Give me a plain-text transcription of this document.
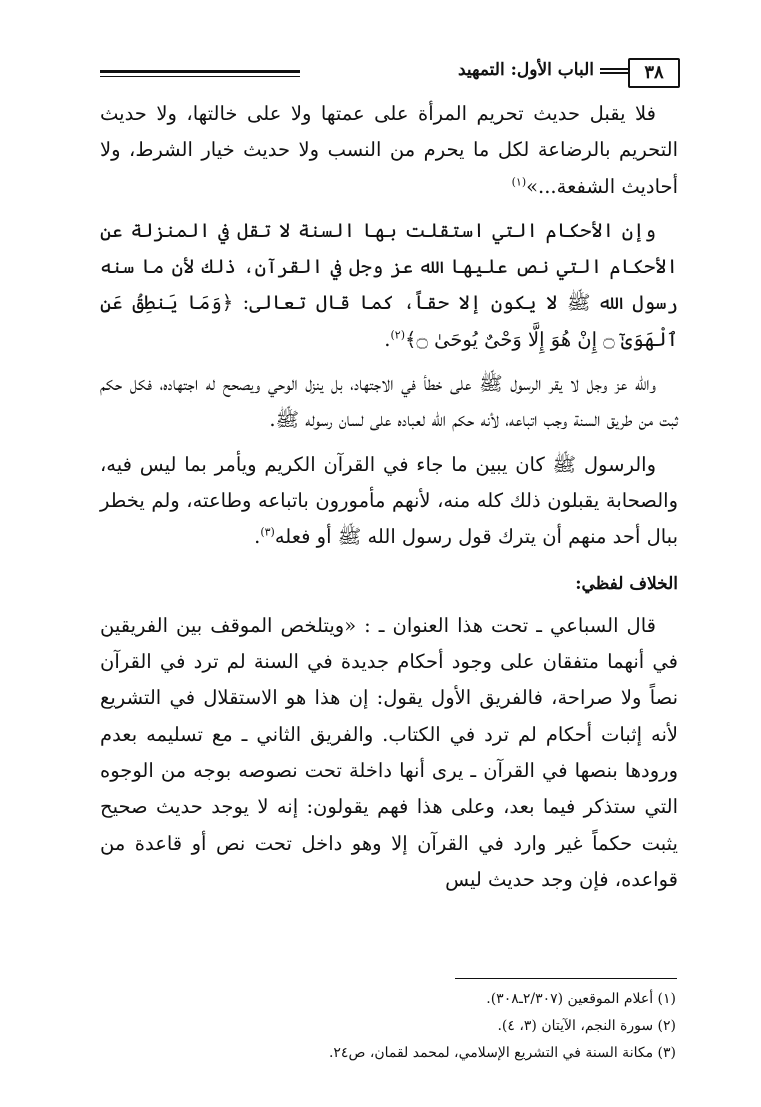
٣٨
الباب الأول: التمهيد

فلا يقبل حديث تحريم المرأة على عمتها ولا على خالتها، ولا حديث التحريم بالرضاعة لكل ما يحرم من النسب ولا حديث خيار الشرط، ولا أحاديث الشفعة...»$^{(١)}$

وإن الأحكام التي استقلت بها السنة لا تقل في المنزلة عن الأحكام التي نص عليها الله عز وجل في القرآن، ذلك لأن ما سنه رسول الله ﷺ لا يكون إلا حقاً، كما قال تعالى: ﴿وَمَا يَنطِقُ عَنِ ٱلْهَوَىٰٓ ۝ إِنْ هُوَ إِلَّا وَحْىٌ يُوحَىٰ ۝﴾$^{(٢)}$.

والله عز وجل لا يقر الرسول ﷺ على خطأ في الاجتهاد، بل ينزل الوحي ويصحح له اجتهاده، فكل حكم ثبت من طريق السنة وجب اتباعه، لأنه حكم الله لعباده على لسان رسوله ﷺ.

والرسول ﷺ كان يبين ما جاء في القرآن الكريم ويأمر بما ليس فيه، والصحابة يقبلون ذلك كله منه، لأنهم مأمورون باتباعه وطاعته، ولم يخطر ببال أحد منهم أن يترك قول رسول الله ﷺ أو فعله$^{(٣)}$.

الخلاف لفظي:

قال السباعي ـ تحت هذا العنوان ـ : «ويتلخص الموقف بين الفريقين في أنهما متفقان على وجود أحكام جديدة في السنة لم ترد في القرآن نصاً ولا صراحة، فالفريق الأول يقول: إن هذا هو الاستقلال في التشريع لأنه إثبات أحكام لم ترد في الكتاب. والفريق الثاني ـ مع تسليمه بعدم ورودها بنصها في القرآن ـ يرى أنها داخلة تحت نصوصه بوجه من الوجوه التي ستذكر فيما بعد، وعلى هذا فهم يقولون: إنه لا يوجد حديث صحيح يثبت حكماً غير وارد في القرآن إلا وهو داخل تحت نص أو قاعدة من قواعده، فإن وجد حديث ليس

(١) أعلام الموقعين (٢/٣٠٧ـ٣٠٨).
(٢) سورة النجم، الآيتان (٣، ٤).
(٣) مكانة السنة في التشريع الإسلامي، لمحمد لقمان، ص٢٤.
